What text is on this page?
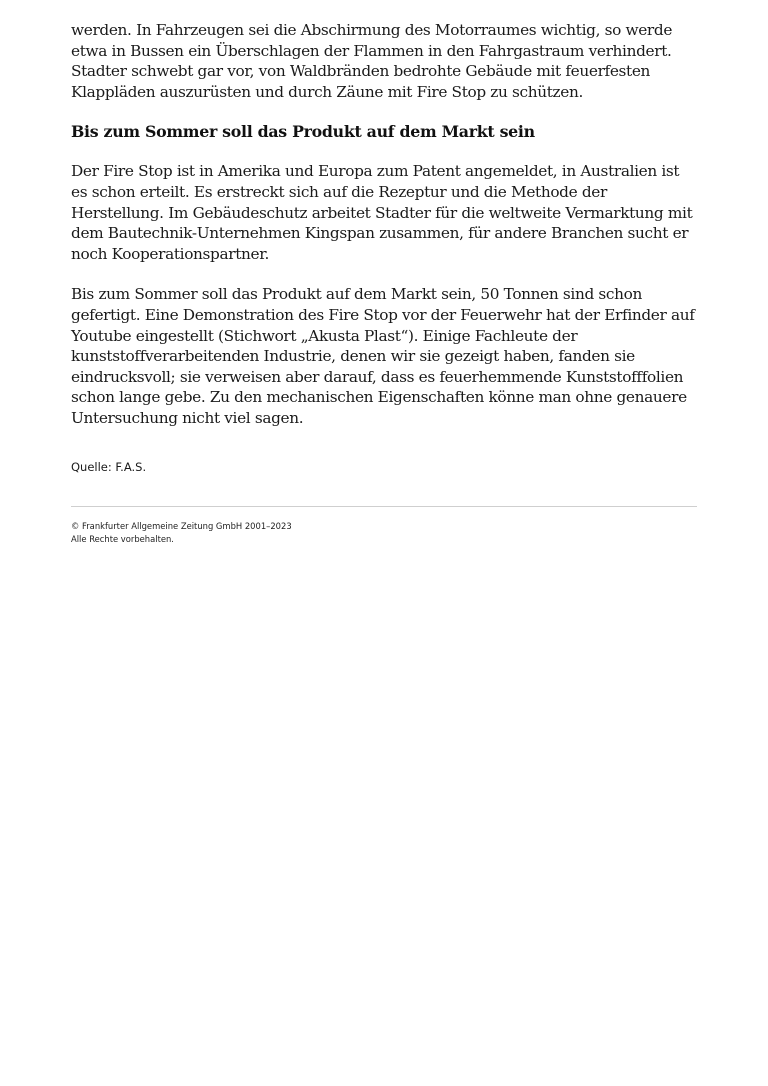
werden. In Fahrzeugen sei die Abschirmung des Motorraumes wichtig, so werde etwa in Bussen ein Überschlagen der Flammen in den Fahrgastraum verhindert. Stadter schwebt gar vor, von Waldbränden bedrohte Gebäude mit feuerfesten Klappläden auszurüsten und durch Zäune mit Fire Stop zu schützen.

Bis zum Sommer soll das Produkt auf dem Markt sein

Der Fire Stop ist in Amerika und Europa zum Patent angemeldet, in Australien ist es schon erteilt. Es erstreckt sich auf die Rezeptur und die Methode der Herstellung. Im Gebäudeschutz arbeitet Stadter für die weltweite Vermarktung mit dem Bautechnik-Unternehmen Kingspan zusammen, für andere Branchen sucht er noch Kooperationspartner.

Bis zum Sommer soll das Produkt auf dem Markt sein, 50 Tonnen sind schon gefertigt. Eine Demonstration des Fire Stop vor der Feuerwehr hat der Erfinder auf Youtube eingestellt (Stichwort „Akusta Plast“). Einige Fachleute der kunststoffverarbeitenden Industrie, denen wir sie gezeigt haben, fanden sie eindrucksvoll; sie verweisen aber darauf, dass es feuerhemmende Kunststofffolien schon lange gebe. Zu den mechanischen Eigenschaften könne man ohne genauere Untersuchung nicht viel sagen.

Quelle: F.A.S.

© Frankfurter Allgemeine Zeitung GmbH 2001–2023
Alle Rechte vorbehalten.
